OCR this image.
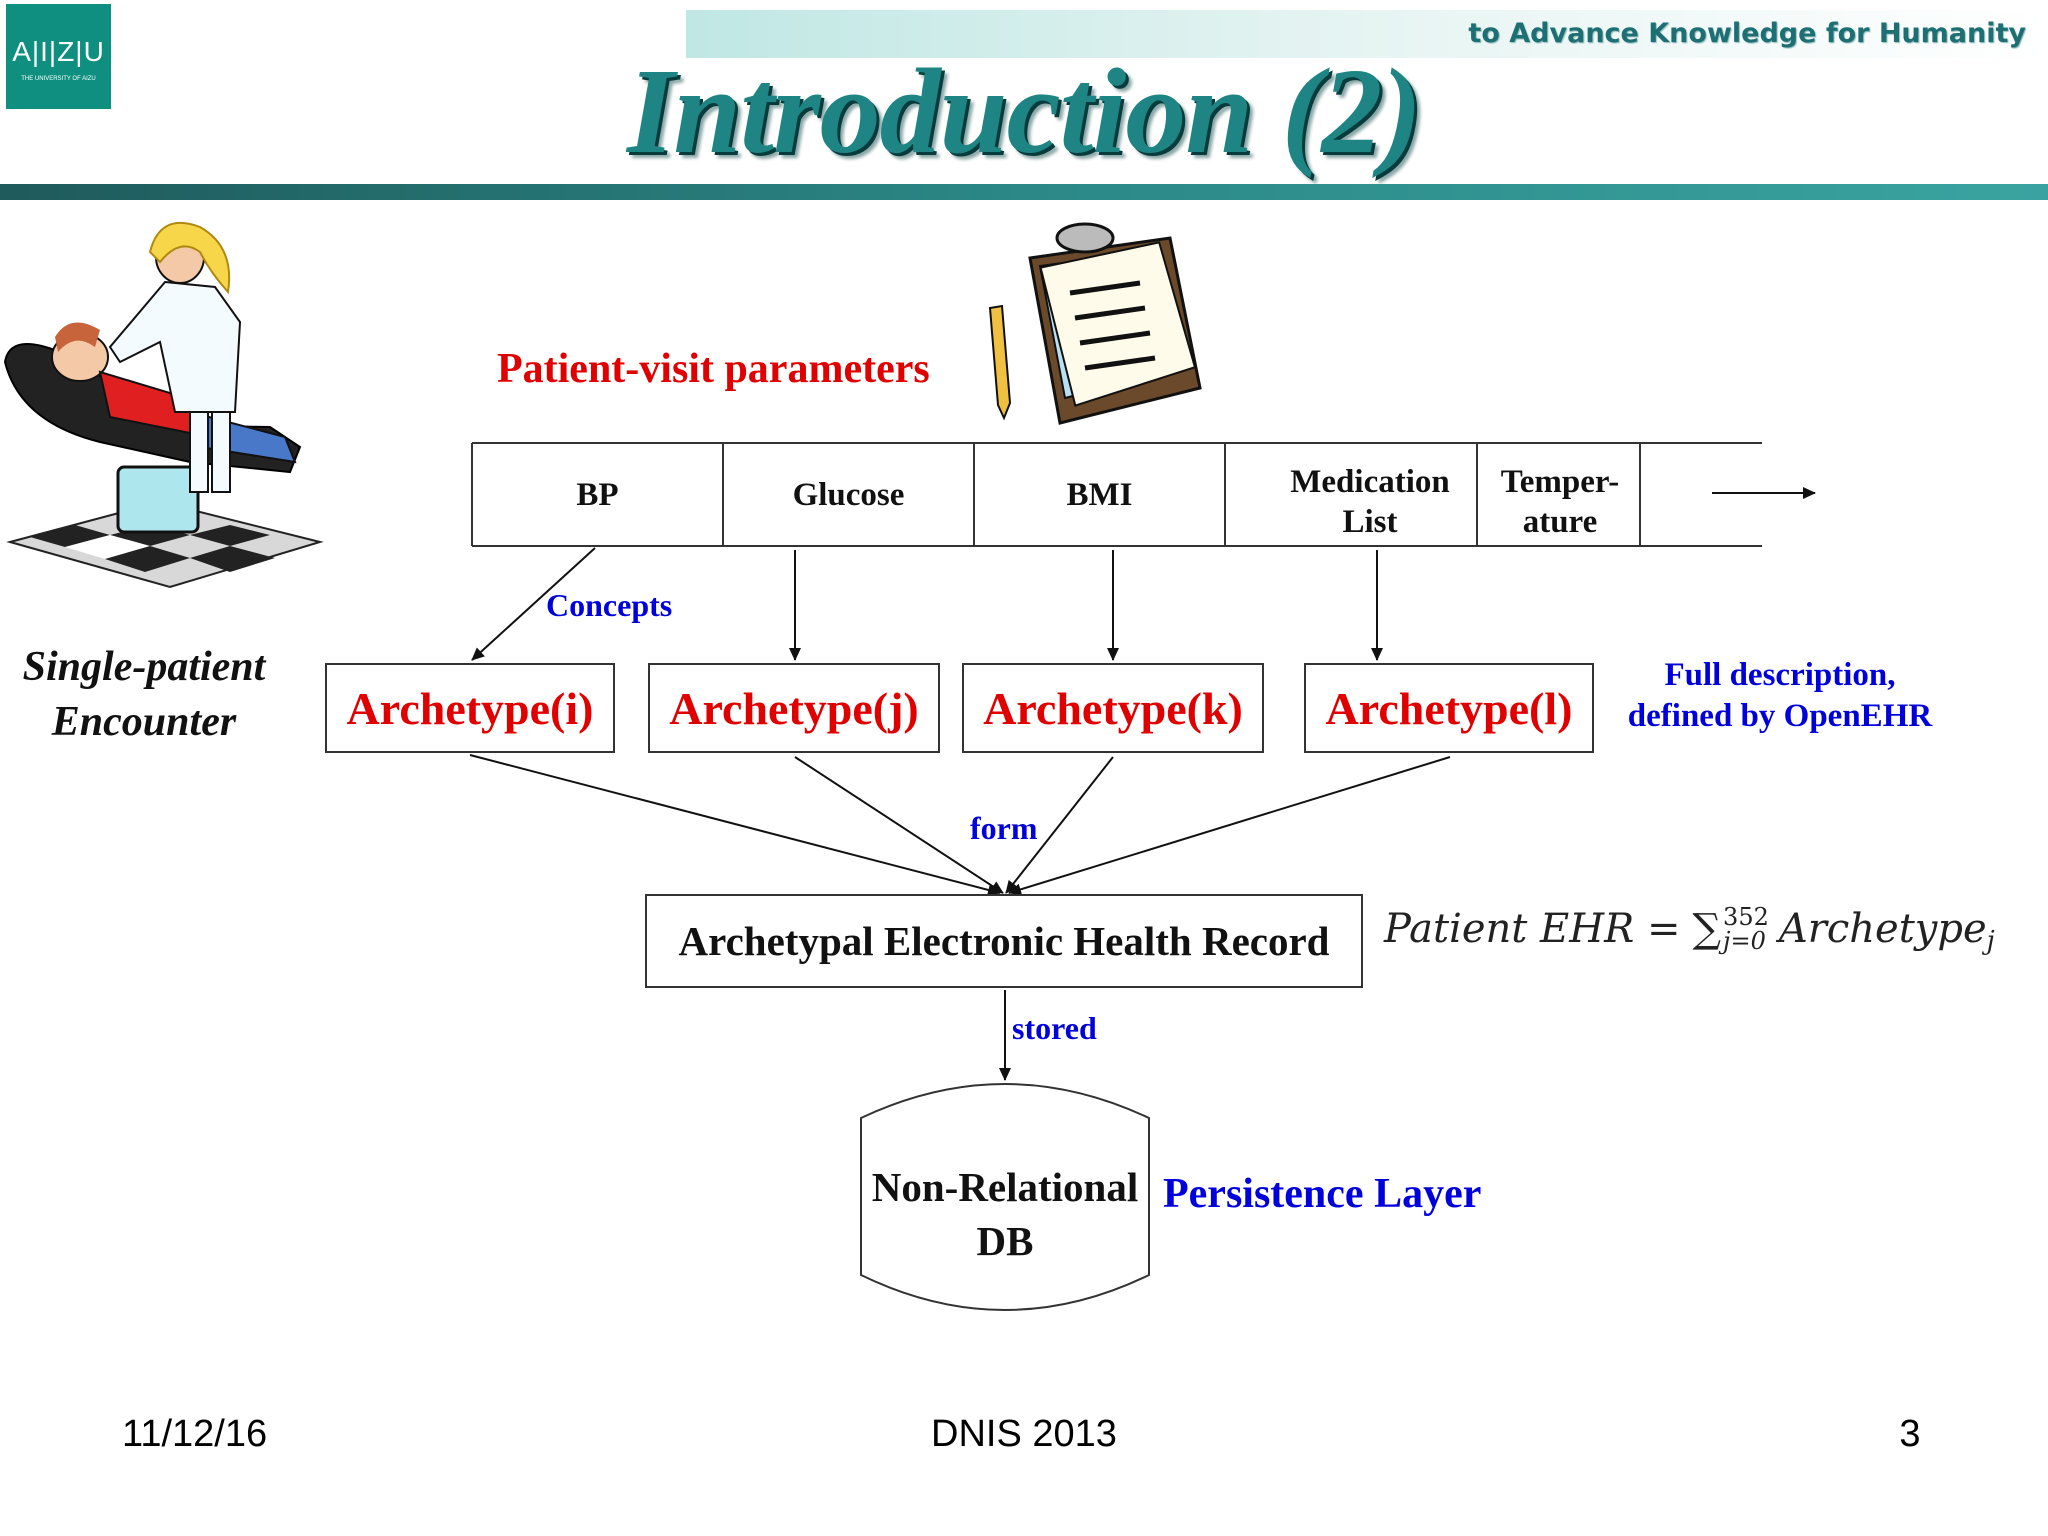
A|I|Z|U
THE UNIVERSITY OF AIZU
to Advance Knowledge for Humanity
Introduction (2)
Single-patient
Encounter
Patient-visit parameters
BP	Glucose	BMI	Medication List
Temper-ature
Concepts
Archetype(i)	Archetype(j)	Archetype(k)	Archetype(l)
Full description,
defined by OpenEHR
form
Archetypal Electronic Health Record	Patient EHR = ∑ 352
j=0 Archetype j
stored
Non-Relational
DB
Persistence Layer
11/12/16	DNIS 2013	3
